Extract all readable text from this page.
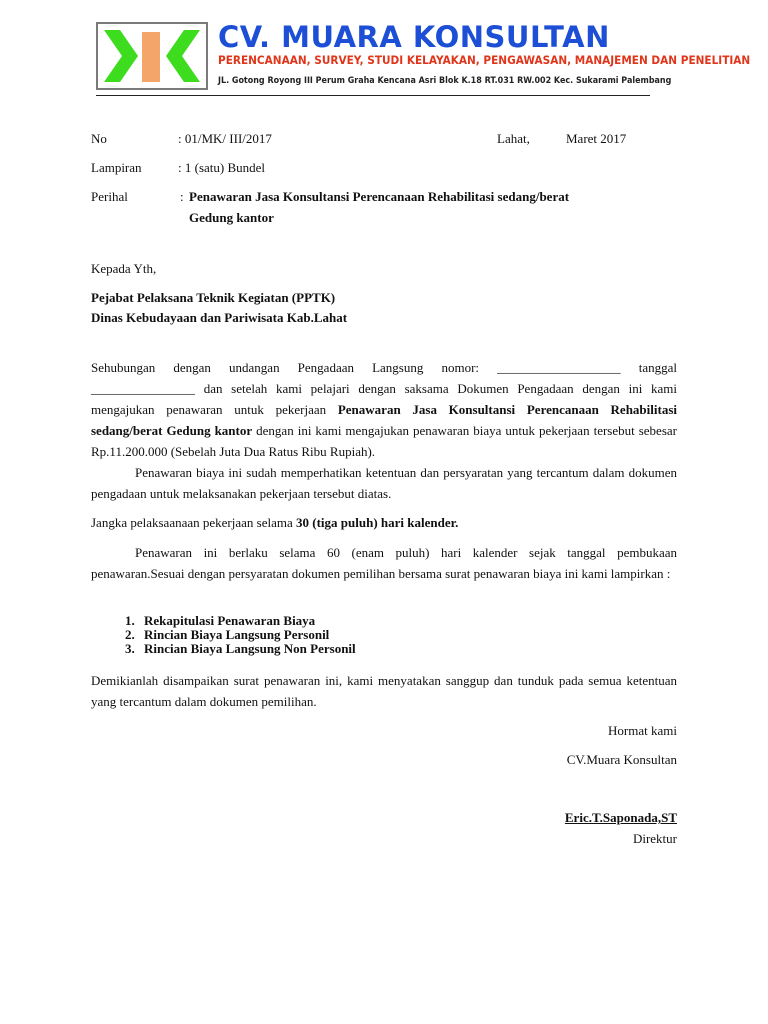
CV. MUARA KONSULTAN
PERENCANAAN, SURVEY, STUDI KELAYAKAN, PENGAWASAN, MANAJEMEN DAN PENELITIAN
JL. Gotong Royong III Perum Graha Kencana Asri Blok K.18 RT.031 RW.002 Kec. Sukarami Palembang
No	: 01/MK/ III/2017	Lahat,	Maret 2017
Lampiran	: 1 (satu) Bundel
Perihal	: Penawaran Jasa Konsultansi Perencanaan Rehabilitasi sedang/berat
Gedung kantor
Kepada Yth,
Pejabat Pelaksana Teknik Kegiatan (PPTK)
Dinas Kebudayaan dan Pariwisata Kab.Lahat
Sehubungan dengan undangan Pengadaan Langsung nomor: ___________________ tanggal ________________ dan setelah kami pelajari dengan saksama Dokumen Pengadaan dengan ini kami mengajukan penawaran untuk pekerjaan Penawaran Jasa Konsultansi Perencanaan Rehabilitasi sedang/berat Gedung kantor dengan ini kami mengajukan penawaran biaya untuk pekerjaan tersebut sebesar Rp.11.200.000 (Sebelah Juta Dua Ratus Ribu Rupiah).
Penawaran biaya ini sudah memperhatikan ketentuan dan persyaratan yang tercantum dalam dokumen pengadaan untuk melaksanakan pekerjaan tersebut diatas.
Jangka pelaksaanaan pekerjaan selama 30 (tiga puluh) hari kalender.
Penawaran ini berlaku selama 60 (enam puluh) hari kalender sejak tanggal pembukaan penawaran.Sesuai dengan persyaratan dokumen pemilihan bersama surat penawaran biaya ini kami lampirkan :
1. Rekapitulasi Penawaran Biaya
2. Rincian Biaya Langsung Personil
3. Rincian Biaya Langsung Non Personil
Demikianlah disampaikan surat penawaran ini, kami menyatakan sanggup dan tunduk pada semua ketentuan yang tercantum dalam dokumen pemilihan.
Hormat kami
CV.Muara Konsultan
Eric.T.Saponada,ST
Direktur
